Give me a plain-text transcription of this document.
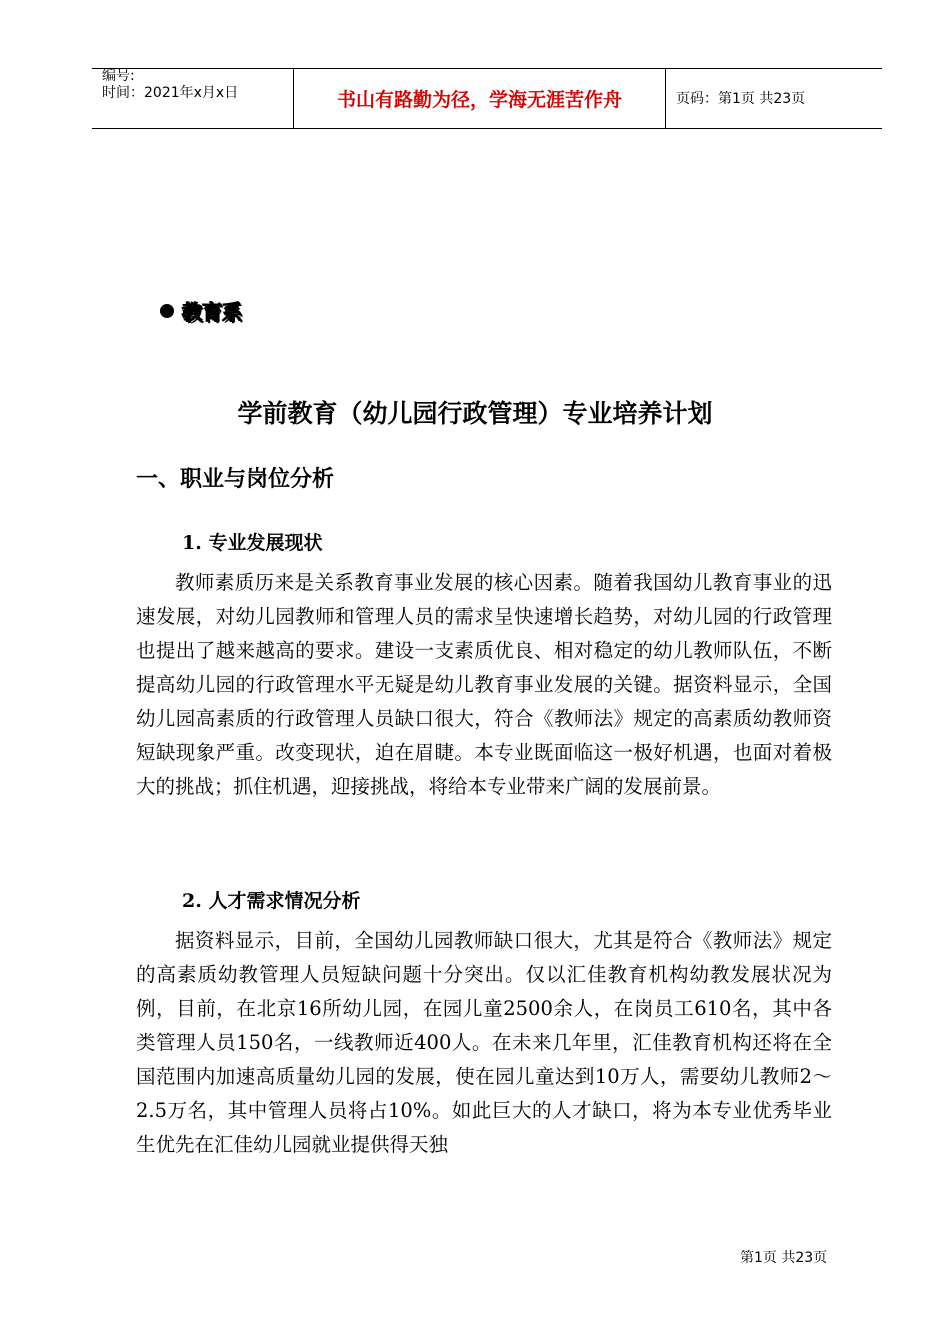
编号:
时间：2021年x月x日	书山有路勤为径，学海无涯苦作舟	页码：第1页 共23页
教育系
学前教育（幼儿园行政管理）专业培养计划
一、职业与岗位分析
1. 专业发展现状

教师素质历来是关系教育事业发展的核心因素。随着我国幼儿教育事业的迅速发展，对幼儿园教师和管理人员的需求呈快速增长趋势，对幼儿园的行政管理也提出了越来越高的要求。建设一支素质优良、相对稳定的幼儿教师队伍，不断提高幼儿园的行政管理水平无疑是幼儿教育事业发展的关键。据资料显示，全国幼儿园高素质的行政管理人员缺口很大，符合《教师法》规定的高素质幼教师资短缺现象严重。改变现状，迫在眉睫。本专业既面临这一极好机遇，也面对着极大的挑战；抓住机遇，迎接挑战，将给本专业带来广阔的发展前景。

2. 人才需求情况分析

据资料显示，目前，全国幼儿园教师缺口很大，尤其是符合《教师法》规定的高素质幼教管理人员短缺问题十分突出。仅以汇佳教育机构幼教发展状况为例，目前，在北京16所幼儿园，在园儿童2500余人，在岗员工610名，其中各类管理人员150名，一线教师近400人。在未来几年里，汇佳教育机构还将在全国范围内加速高质量幼儿园的发展，使在园儿童达到10万人，需要幼儿教师2～2.5万名，其中管理人员将占10%。如此巨大的人才缺口，将为本专业优秀毕业生优先在汇佳幼儿园就业提供得天独

第1页 共23页
